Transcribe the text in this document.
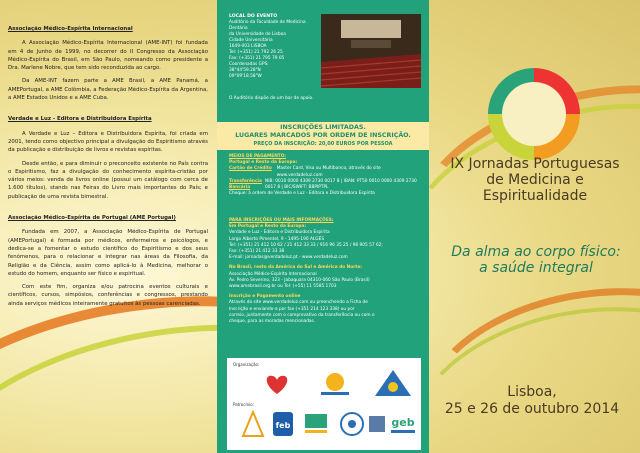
Associação Médico-Espírita Internacional

A Associação Médico-Espírita Internacional (AME-INT) foi fundada em 4 de Junho de 1999, no decorrer do II Congresso da Associação Médico-Espírita do Brasil, em São Paulo, nomeando como presidente a Dra. Marlene Nobre, que tem sido reconduzida ao cargo.

Da AME-INT fazem parte a AME Brasil, a AME Panamá, a AMEPortugal, a AME Colômbia, a Federação Médico-Espírita da Argentina, a AME Estados Unidos e a AME Cuba.

Verdade e Luz - Editora e Distribuidora Espírita

A Verdade e Luz – Editora e Distribuidora Espírita, foi criada em 2001, tendo como objectivo principal a divulgação do Espiritismo através da publicação e distribuição de livros e revistas espíritas.

Desde então, e para diminuir o preconceito existente no País contra o Espiritismo, faz a divulgação do conhecimento espírita-cristão por vários meios: venda de livros online (possui um catálogo com cerca de 1.600 títulos), stands nas Feiras do Livro mais importantes do País; e publicação de uma revista bimestral.

Associação Médico-Espírita de Portugal (AME Portugal)

Fundada em 2007, a Associação Médico-Espírita de Portugal (AMEPortugal) é formada por médicos, enfermeiros e psicólogos, e dedica-se a fomentar o estudo científico do Espiritismo e dos seus fenómenos, para o relacionar e integrar nas áreas da Filosofia, da Religião e da Ciência, assim como aplicá-lo à Medicina, melhorar o estudo do homem, enquanto ser físico e espiritual.

Com este fim, organiza e/ou patrocina eventos culturais e científicos, cursos, simpósios, conferências e congressos, prestando ainda serviços médicos inteiramente gratuitos às pessoas carenciadas.

LOCAL DO EVENTO
Auditório da Faculdade de Medicina Dentária
da Universidade de Lisboa
Cidade Universitária
1649-003 LISBOA
Tel: (+351) 21 792 26 25
Fax: (+351) 21 795 79 05
Coordenadas GPS:
38°44'59.28"N
09°09'18.58"W
O Auditório dispõe de um bar de apoio.
INSCRIÇÕES LIMITADAS.
LUGARES MARCADOS POR ORDEM DE INSCRIÇÃO.
PREÇO DA INSCRIÇÃO: 20,00 EUROS POR PESSOA
MEIOS DE PAGAMENTO:
Portugal e Resto da Europa:
Cartão de Crédito	Master Card, Visa ou Multibanco, através do site www.verdadeluz.com
Transferência Bancária
NIB: 0010 0000 4309 2730 0017 8 | IBAN: PT50 0010 0000 4309 2730 0017 8 | BIC/SWIFT: BBPIPTPL
Cheque: à ordem de Verdade e Luz - Editora e Distribuidora Espírita
PARA INSCRIÇÕES OU MAIS INFORMAÇÕES:
Em Portugal e Resto da Europa:
Verdade e Luz - Editora e Distribuidora Espírita
Largo Alberto Pimentel, 9 - 1495-190 ALGÉS
Tel: (+351) 21 412 10 62 / 21 412 33 33 / 916 96 35 25 / 96 905 57 62;
Fax: (+351) 21 412 33 38
E-mail: jornadas@verdadeluz.pt - www.verdadeluz.com
No Brasil, resto da América do Sul e América do Norte:
Associação Médico-Espírita Internacional
Av. Pedro Severino, 323 - Jabaquara 04310-060 São Paulo (Brasil)
www.amebrasil.org.br ou Tel: (+55) 11 5585 1703
Inscrição e Pagamento online
Através do site www.verdadeluz.com ou preenchendo a Ficha de
Inscrição e enviando-a por fax (+351 214 123 338) ou por
correio, juntamente com o comprovativo da transferência ou com o
cheque, para as moradas mencionadas.
Organização:
Patrocínio:
feb	geb
IX Jornadas Portuguesas
de Medicina e Espiritualidade
Da alma ao corpo físico:
a saúde integral
Lisboa,
25 e 26 de outubro 2014
